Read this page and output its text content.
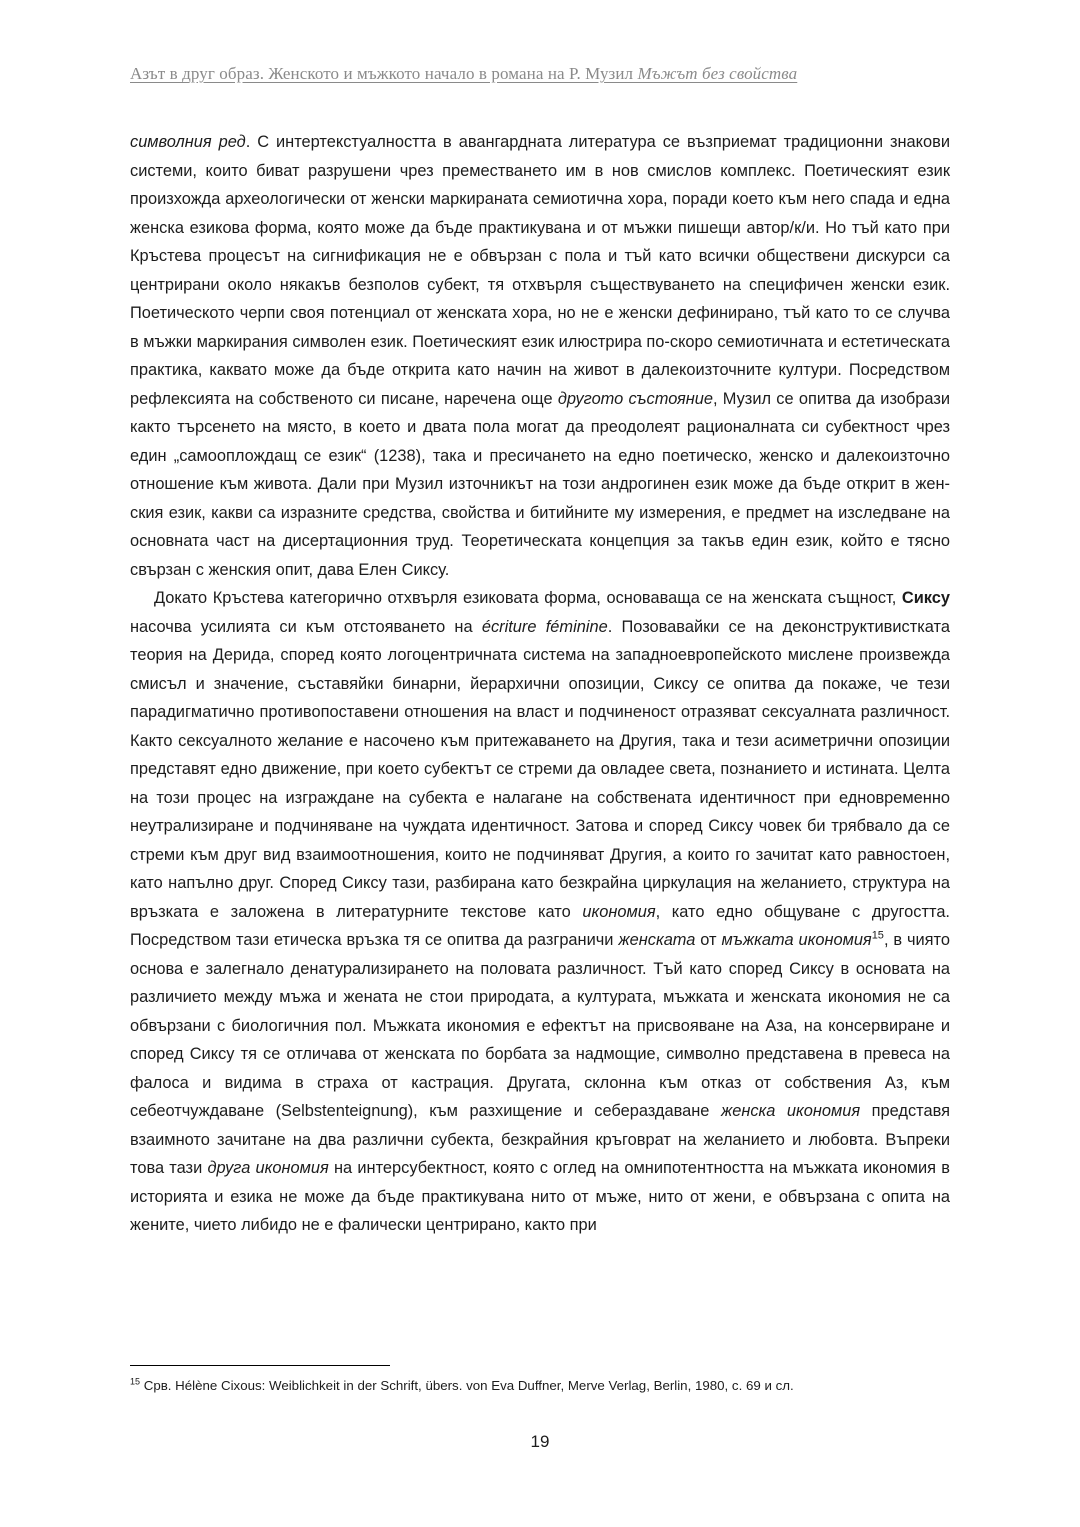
Азът в друг образ. Женското и мъжкото начало в романа на Р. Музил Мъжът без свойства

символния ред. С интертекстуалността в авангардната литература се възприемат традиционни знакови системи, които биват разрушени чрез преместването им в нов смислов комплекс. Поетическият език произхожда археологически от женски маркираната семиотична хора, поради което към него спада и една женска езикова форма, която може да бъде практикувана и от мъжки пишещи автор/к/и. Но тъй като при Кръстева процесът на сигнификация не е обвързан с пола и тъй като всички обществени дискурси са центрирани около някакъв безполов субект, тя отхвърля съществуването на специфичен женски език. Поетическото черпи своя потенциал от женската хора, но не е женски дефинирано, тъй като то се случва в мъжки маркирания символен език. Поетическият език илюстрира по-скоро семиотичната и естетическата практика, каквато може да бъде открита като начин на живот в далекоизточните култури. Посредством рефлексията на собственото си писане, наречена още другото състояние, Музил се опитва да изобрази както търсенето на място, в което и двата пола могат да преодолеят рационалната си субектност чрез един „самооплождащ се език“ (1238), така и пресичането на едно поетическо, женско и далекоизточно отношение към живота. Дали при Музил източникът на този андрогинен език може да бъде открит в женския език, какви са изразните средства, свойства и битийните му измерения, е предмет на изследване на основната част на дисертационния труд. Теоретическата концепция за такъв един език, който е тясно свързан с женския опит, дава Елен Сиксу.

Докато Кръстева категорично отхвърля езиковата форма, основаваща се на женската същност, Сиксу насочва усилията си към отстояването на écriture féminine. Позовавайки се на деконструктивистката теория на Дерида, според която логоцентричната система на западноевропейското мислене произвежда смисъл и значение, съставяйки бинарни, йерархични опозиции, Сиксу се опитва да покаже, че тези парадигматично противопоставени отношения на власт и подчиненост отразяват сексуалната различност. Както сексуалното желание е насочено към притежаването на Другия, така и тези асиметрични опозиции представят едно движение, при което субектът се стреми да овладее света, познанието и истината. Целта на този процес на изграждане на субекта е налагане на собствената идентичност при едновременно неутрализиране и подчиняване на чуждата идентичност. Затова и според Сиксу човек би трябвало да се стреми към друг вид взаимоотношения, които не подчиняват Другия, а които го зачитат като равностоен, като напълно друг. Според Сиксу тази, разбирана като безкрайна циркулация на желанието, структура на връзката е заложена в литературните текстове като икономия, като едно общуване с другостта. Посредством тази етическа връзка тя се опитва да разграничи женската от мъжката икономия$^{15}$, в чиято основа е залегнало денатурализирането на половата различност. Тъй като според Сиксу в основата на различието между мъжа и жената не стои природата, а културата, мъжката и женската икономия не са обвързани с биологичния пол. Мъжката икономия е ефектът на присвояване на Аза, на консервиране и според Сиксу тя се отличава от женската по борбата за надмощие, символно представена в превеса на фалоса и видима в страха от кастрация. Другата, склонна към отказ от собствения Аз, към себеотчуждаване (Selbstenteignung), към разхищение и себераздаване женска икономия представя взаимното зачитане на два различни субекта, безкрайния кръговрат на желанието и любовта. Въпреки това тази друга икономия на интерсубектност, която с оглед на омнипотентността на мъжката икономия в историята и езика не може да бъде практикувана нито от мъже, нито от жени, е обвързана с опита на жените, чието либидо не е фалически центрирано, както при

$^{15}$ Срв. Hélène Cixous: Weiblichkeit in der Schrift, übers. von Eva Duffner, Merve Verlag, Berlin, 1980, с. 69 и сл.
19
